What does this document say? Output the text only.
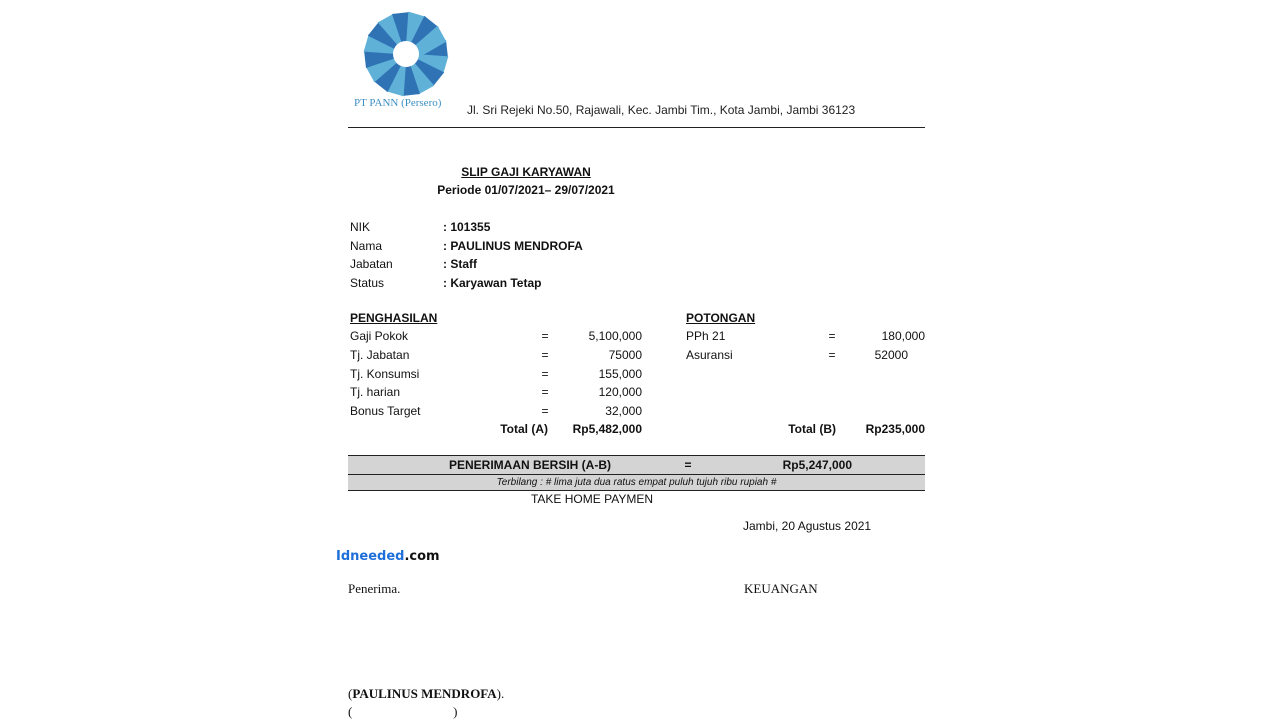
PT PANN (Persero) Jl. Sri Rejeki No.50, Rajawali, Kec. Jambi Tim., Kota Jambi, Jambi 36123
SLIP GAJI KARYAWAN
Periode 01/07/2021– 29/07/2021
NIK	: 101355
Nama	: PAULINUS MENDROFA
Jabatan	: Staff
Status	: Karyawan Tetap
PENGHASILAN
Gaji Pokok	=	5,100,000
Tj. Jabatan	=	75000
Tj. Konsumsi	=	155,000
Tj. harian	=	120,000
Bonus Target	=	32,000
Total (A)	Rp5,482,000
POTONGAN
PPh 21	=	180,000
Asuransi	=	52000
Total (B)	Rp235,000
PENERIMAAN BERSIH (A-B)	=	Rp5,247,000
Terbilang : # lima juta dua ratus empat puluh tujuh ribu rupiah #
TAKE HOME PAYMEN
Jambi, 20 Agustus 2021
Idneeded.com
Penerima.	KEUANGAN
(PAULINUS MENDROFA).
(                               )
